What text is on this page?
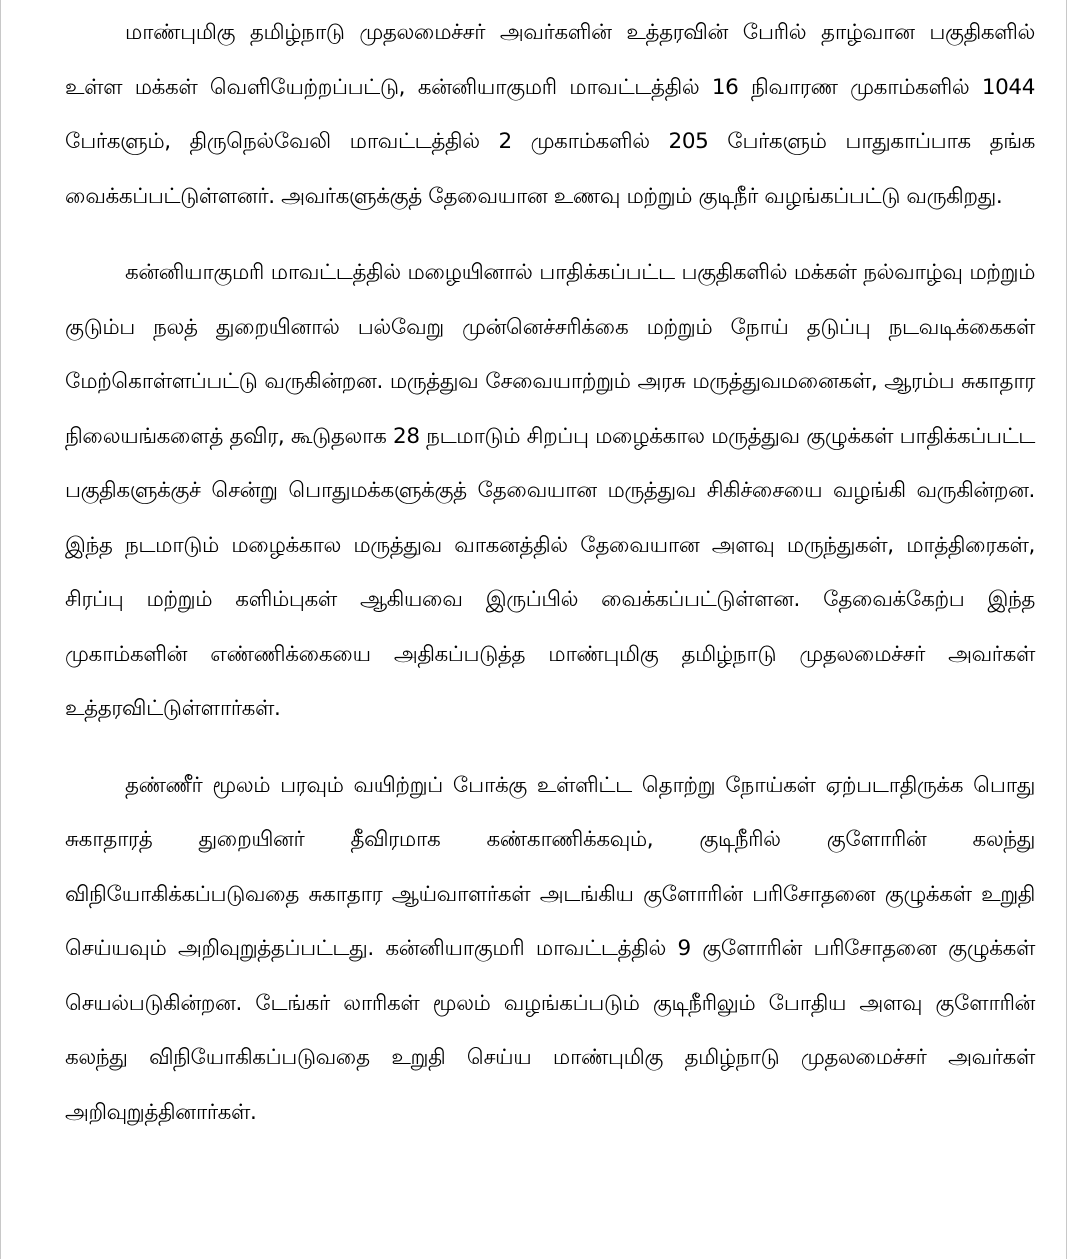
மாண்புமிகு தமிழ்நாடு முதலமைச்சர் அவர்களின் உத்தரவின் பேரில் தாழ்வான பகுதிகளில் உள்ள மக்கள் வெளியேற்றப்பட்டு, கன்னியாகுமரி மாவட்டத்தில் 16 நிவாரண முகாம்களில் 1044 பேர்களும், திருநெல்வேலி மாவட்டத்தில் 2 முகாம்களில் 205 பேர்களும் பாதுகாப்பாக தங்க வைக்கப்பட்டுள்ளனர். அவர்களுக்குத் தேவையான உணவு மற்றும் குடிநீர் வழங்கப்பட்டு வருகிறது.

கன்னியாகுமரி மாவட்டத்தில் மழையினால் பாதிக்கப்பட்ட பகுதிகளில் மக்கள் நல்வாழ்வு மற்றும் குடும்ப நலத் துறையினால் பல்வேறு முன்னெச்சரிக்கை மற்றும் நோய் தடுப்பு நடவடிக்கைகள் மேற்கொள்ளப்பட்டு வருகின்றன. மருத்துவ சேவையாற்றும் அரசு மருத்துவமனைகள், ஆரம்ப சுகாதார நிலையங்களைத் தவிர, கூடுதலாக 28 நடமாடும் சிறப்பு மழைக்கால மருத்துவ குழுக்கள் பாதிக்கப்பட்ட பகுதிகளுக்குச் சென்று பொதுமக்களுக்குத் தேவையான மருத்துவ சிகிச்சையை வழங்கி வருகின்றன. இந்த நடமாடும் மழைக்கால மருத்துவ வாகனத்தில் தேவையான அளவு மருந்துகள், மாத்திரைகள், சிரப்பு மற்றும் களிம்புகள் ஆகியவை இருப்பில் வைக்கப்பட்டுள்ளன. தேவைக்கேற்ப இந்த முகாம்களின் எண்ணிக்கையை அதிகப்படுத்த மாண்புமிகு தமிழ்நாடு முதலமைச்சர் அவர்கள் உத்தரவிட்டுள்ளார்கள்.

தண்ணீர் மூலம் பரவும் வயிற்றுப் போக்கு உள்ளிட்ட தொற்று நோய்கள் ஏற்படாதிருக்க பொது சுகாதாரத் துறையினர் தீவிரமாக கண்காணிக்கவும், குடிநீரில் குளோரின் கலந்து விநியோகிக்கப்படுவதை சுகாதார ஆய்வாளர்கள் அடங்கிய குளோரின் பரிசோதனை குழுக்கள் உறுதி செய்யவும் அறிவுறுத்தப்பட்டது. கன்னியாகுமரி மாவட்டத்தில் 9 குளோரின் பரிசோதனை குழுக்கள் செயல்படுகின்றன. டேங்கர் லாரிகள் மூலம் வழங்கப்படும் குடிநீரிலும் போதிய அளவு குளோரின் கலந்து விநியோகிகப்படுவதை உறுதி செய்ய மாண்புமிகு தமிழ்நாடு முதலமைச்சர் அவர்கள் அறிவுறுத்தினார்கள்.
